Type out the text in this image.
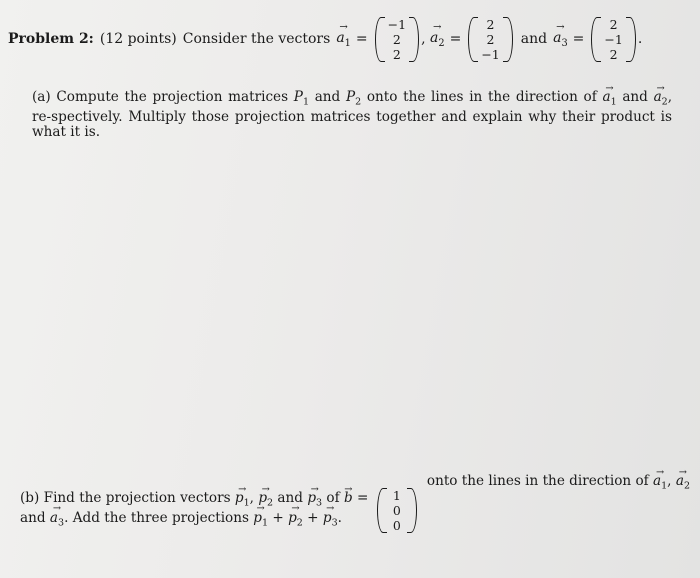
Problem 2: (12 points) Consider the vectors → $a_1$ =
−1
2
2
, → $a_2$ =
2
2
−1
and → $a_3$ =
2
−1
2
.
(a) Compute the projection matrices $P_1$ and $P_2$ onto the lines in the direction of → $a_1$ and → $a_2$, re-spectively. Multiply those projection matrices together and explain why their product is what it is.
(b) Find the projection vectors → $p_1$, → $p_2$ and → $p_3$ of → b =
and → $a_3$. Add the three projections → $p_1$ + → $p_2$ + → $p_3$.
1
0
0
onto the lines in the direction of → $a_1$, → $a_2$
